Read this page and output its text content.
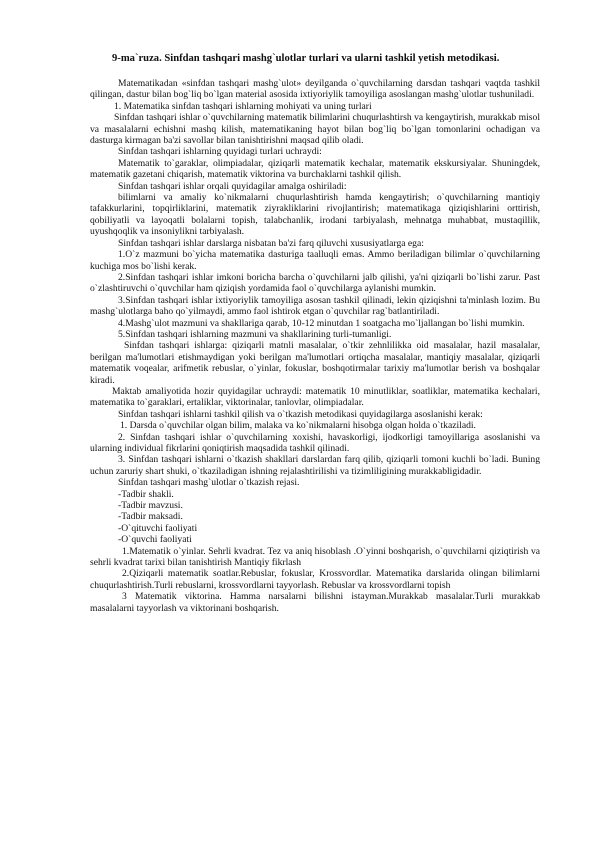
9-ma`ruza. Sinfdan tashqari mashg`ulotlar turlari va ularni tashkil yetish metodikasi.

Matematikadan «sinfdan tashqari mashg`ulot» deyilganda o`quvchilarning darsdan tashqari vaqtda tashkil qilingan, dastur bilan bog`liq bo`lgan material asosida ixtiyoriylik tamoyiliga asoslangan mashg`ulotlar tushuniladi.

1. Matematika sinfdan tashqari ishlarning mohiyati va uning turlari

Sinfdan tashqari ishlar o`quvchilarning matematik bilimlarini chuqurlashtirsh va kengaytirish, murakkab misol va masalalarni echishni mashq kilish, matematikaning hayot bilan bog`liq bo`lgan tomonlarini ochadigan va dasturga kirmagan ba'zi savollar bilan tanishtirishni maqsad qilib oladi.

Sinfdan tashqari ishlarning quyidagi turlari uchraydi:

Matematik to`garaklar, olimpiadalar, qiziqarli matematik kechalar, matematik ekskursiyalar. Shuningdek, matematik gazetani chiqarish, matematik viktorina va burchaklarni tashkil qilish.

Sinfdan tashqari ishlar orqali quyidagilar amalga oshiriladi:

bilimlarni va amaliy ko`nikmalarni chuqurlashtirish hamda kengaytirish; o`quvchilarning mantiqiy tafakkurlarini, topqirliklarini, matematik ziyrakliklarini rivojlantirish; matematikaga qiziqishlarini orttirish, qobiliyatli va layoqatli bolalarni topish, talabchanlik, irodani tarbiyalash, mehnatga muhabbat, mustaqillik, uyushqoqlik va insoniylikni tarbiyalash.

Sinfdan tashqari ishlar darslarga nisbatan ba'zi farq qiluvchi xususiyatlarga ega:

1.O`z mazmuni bo`yicha matematika dasturiga taalluqli emas. Ammo beriladigan bilimlar o`quvchilarning kuchiga mos bo`lishi kerak.

2.Sinfdan tashqari ishlar imkoni boricha barcha o`quvchilarni jalb qilishi, ya'ni qiziqarli bo`lishi zarur. Past o`zlashtiruvchi o`quvchilar ham qiziqish yordamida faol o`quvchilarga aylanishi mumkin.

3.Sinfdan tashqari ishlar ixtiyoriylik tamoyiliga asosan tashkil qilinadi, lekin qiziqishni ta'minlash lozim. Bu mashg`ulotlarga baho qo`yilmaydi, ammo faol ishtirok etgan o`quvchilar rag`batlantiriladi.

4.Mashg`ulot mazmuni va shakllariga qarab, 10-12 minutdan 1 soatgacha mo`ljallangan bo`lishi mumkin.

5.Sinfdan tashqari ishlarning mazmuni va shakllarining turli-tumanligi.

Sinfdan tashqari ishlarga: qiziqarli matnli masalalar, o`tkir zehnlilikka oid masalalar, hazil masalalar, berilgan ma'lumotlari etishmaydigan yoki berilgan ma'lumotlari ortiqcha masalalar, mantiqiy masalalar, qiziqarli matematik voqealar, arifmetik rebuslar, o`yinlar, fokuslar, boshqotirmalar tarixiy ma'lumotlar berish va boshqalar kiradi.

Maktab amaliyotida hozir quyidagilar uchraydi: matematik 10 minutliklar, soatliklar, matematika kechalari, matematika to`garaklari, ertaliklar, viktorinalar, tanlovlar, olimpiadalar.

Sinfdan tashqari ishlarni tashkil qilish va o`tkazish metodikasi quyidagilarga asoslanishi kerak:

1. Darsda o`quvchilar olgan bilim, malaka va ko`nikmalarni hisobga olgan holda o`tkaziladi.

2. Sinfdan tashqari ishlar o`quvchilarning xoxishi, havaskorligi, ijodkorligi tamoyillariga asoslanishi va ularning individual fikrlarini qoniqtirish maqsadida tashkil qilinadi.

3. Sinfdan tashqari ishlarni o`tkazish shakllari darslardan farq qilib, qiziqarli tomoni kuchli bo`ladi. Buning uchun zaruriy shart shuki, o`tkaziladigan ishning rejalashtirilishi va tizimliligining murakkabligidadir.

Sinfdan tashqari mashg`ulotlar o`tkazish rejasi.

-Tadbir shakli.

-Tadbir mavzusi.

-Tadbir maksadi.

-O`qituvchi faoliyati

-O`quvchi faoliyati

1.Matematik o`yinlar. Sehrli kvadrat. Tez va aniq hisoblash .O`yinni boshqarish, o`quvchilarni qiziqtirish va sehrli kvadrat tarixi bilan tanishtirish Mantiqiy fikrlash

2.Qiziqarli matematik soatlar.Rebuslar, fokuslar, Krossvordlar. Matematika darslarida olingan bilimlarni chuqurlashtirish.Turli rebuslarni, krossvordlarni tayyorlash. Rebuslar va krossvordlarni topish

3 Matematik viktorina. Hamma narsalarni bilishni istayman.Murakkab masalalar.Turli murakkab masalalarni tayyorlash va viktorinani boshqarish.
